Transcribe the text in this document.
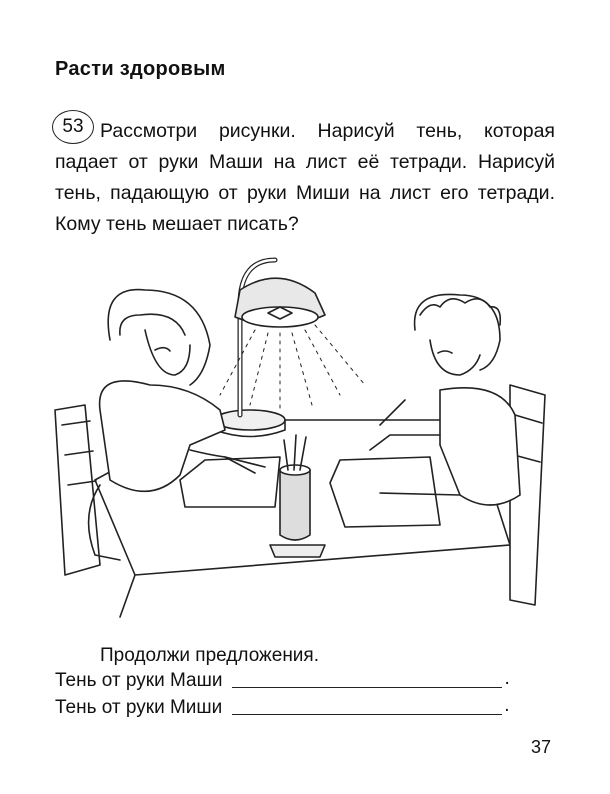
Расти здоровым
53 Рассмотри рисунки. Нарисуй тень, которая падает от руки Маши на лист её тетради. Нарисуй тень, падающую от руки Миши на лист его тетради. Кому тень мешает писать?
Продолжи предложения.
Тень от руки Маши	.
Тень от руки Миши	.
37
